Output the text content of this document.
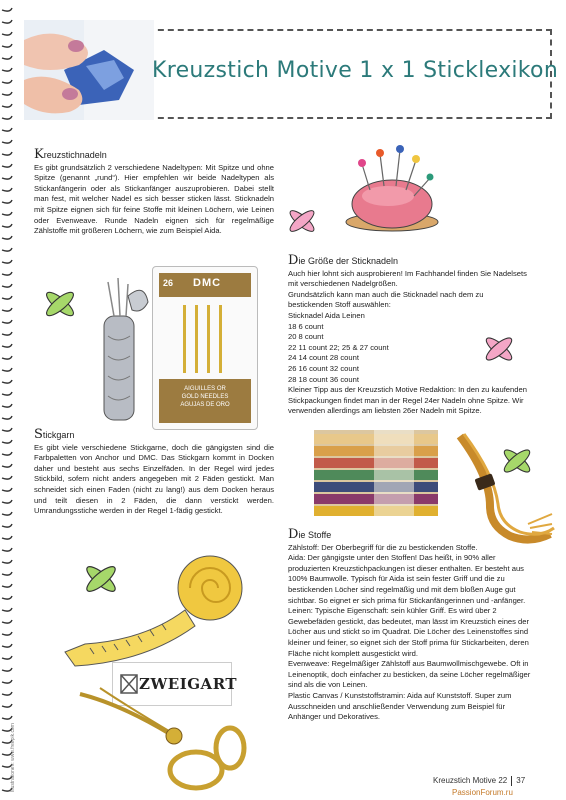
Kreuzstich Motive 1 x 1 Sticklexikon
26 DMC
AIGUILLES OR
GOLD NEEDLES
AGUJAS DE ORO
ZWEIGART
Kreuzstichnadeln

Es gibt grundsätzlich 2 verschiedene Nadeltypen: Mit Spitze und ohne Spitze (genannt „rund“). Hier empfehlen wir beide Nadeltypen als Stickanfängerin oder als Stickanfänger auszuprobieren. Dabei stellt man fest, mit welcher Nadel es sich besser sticken lässt. Sticknadeln mit Spitze eignen sich für feine Stoffe mit kleinen Löchern, wie Leinen oder Evenweave. Runde Nadeln eignen sich für regelmäßige Zählstoffe mit größeren Löchern, wie zum Beispiel Aida.

Stickgarn

Es gibt viele verschiedene Stickgarne, doch die gängigsten sind die Farbpaletten von Anchor und DMC. Das Stickgarn kommt in Docken daher und besteht aus sechs Einzelfäden. In der Regel wird jedes Stickbild, sofern nicht anders angegeben mit 2 Fäden gestickt. Man schneidet sich einen Faden (nicht zu lang!) aus dem Docken heraus und teilt diesen in 2 Fäden, die dann verstickt werden. Umrandungsstiche werden in der Regel 1-fädig gestickt.

Die Größe der Sticknadeln

Auch hier lohnt sich ausprobieren! Im Fachhandel finden Sie Nadelsets mit verschiedenen Nadelgrößen.

Grundsätzlich kann man auch die Sticknadel nach dem zu bestickenden Stoff auswählen:

Sticknadel Aida Leinen

18 6 count

20 8 count

22 11 count 22; 25 & 27 count

24 14 count 28 count

26 16 count 32 count

28 18 count 36 count

Kleiner Tipp aus der Kreuzstich Motive Redaktion: In den zu kaufenden Stickpackungen findet man in der Regel 24er Nadeln ohne Spitze. Wir verwenden allerdings am liebsten 26er Nadeln mit Spitze.

Die Stoffe

Zählstoff: Der Oberbegriff für die zu bestickenden Stoffe.

Aida: Der gängigste unter den Stoffen! Das heißt, in 90% aller produzierten Kreuzstichpackungen ist dieser enthalten. Er besteht aus 100% Baumwolle. Typisch für Aida ist sein fester Griff und die zu bestickenden Löcher sind regelmäßig und mit dem bloßen Auge gut sichtbar. So eignet er sich prima für Stickanfängerinnen und -anfänger.

Leinen: Typische Eigenschaft: sein kühler Griff. Es wird über 2 Gewebefäden gestickt, das bedeutet, man lässt im Kreuzstich eines der Löcher aus und stickt so im Quadrat. Die Löcher des Leinenstoffes sind kleiner und feiner, so eignet sich der Stoff prima für Stickarbeiten, deren Fläche nicht komplett ausgestickt wird.

Evenweave: Regelmäßiger Zählstoff aus Baumwollmischgewebe. Oft in Leinenoptik, doch einfacher zu besticken, da seine Löcher regelmäßiger sind als die von Leinen.

Plastic Canvas / Kunststoffstramin: Aida auf Kunststoff. Super zum Ausschneiden und anschließender Verwendung zum Beispiel für Anhänger und Dekoratives.

Illustrationen: www.freepik.com	Kreuzstich Motive 22 37
PassionForum.ru
